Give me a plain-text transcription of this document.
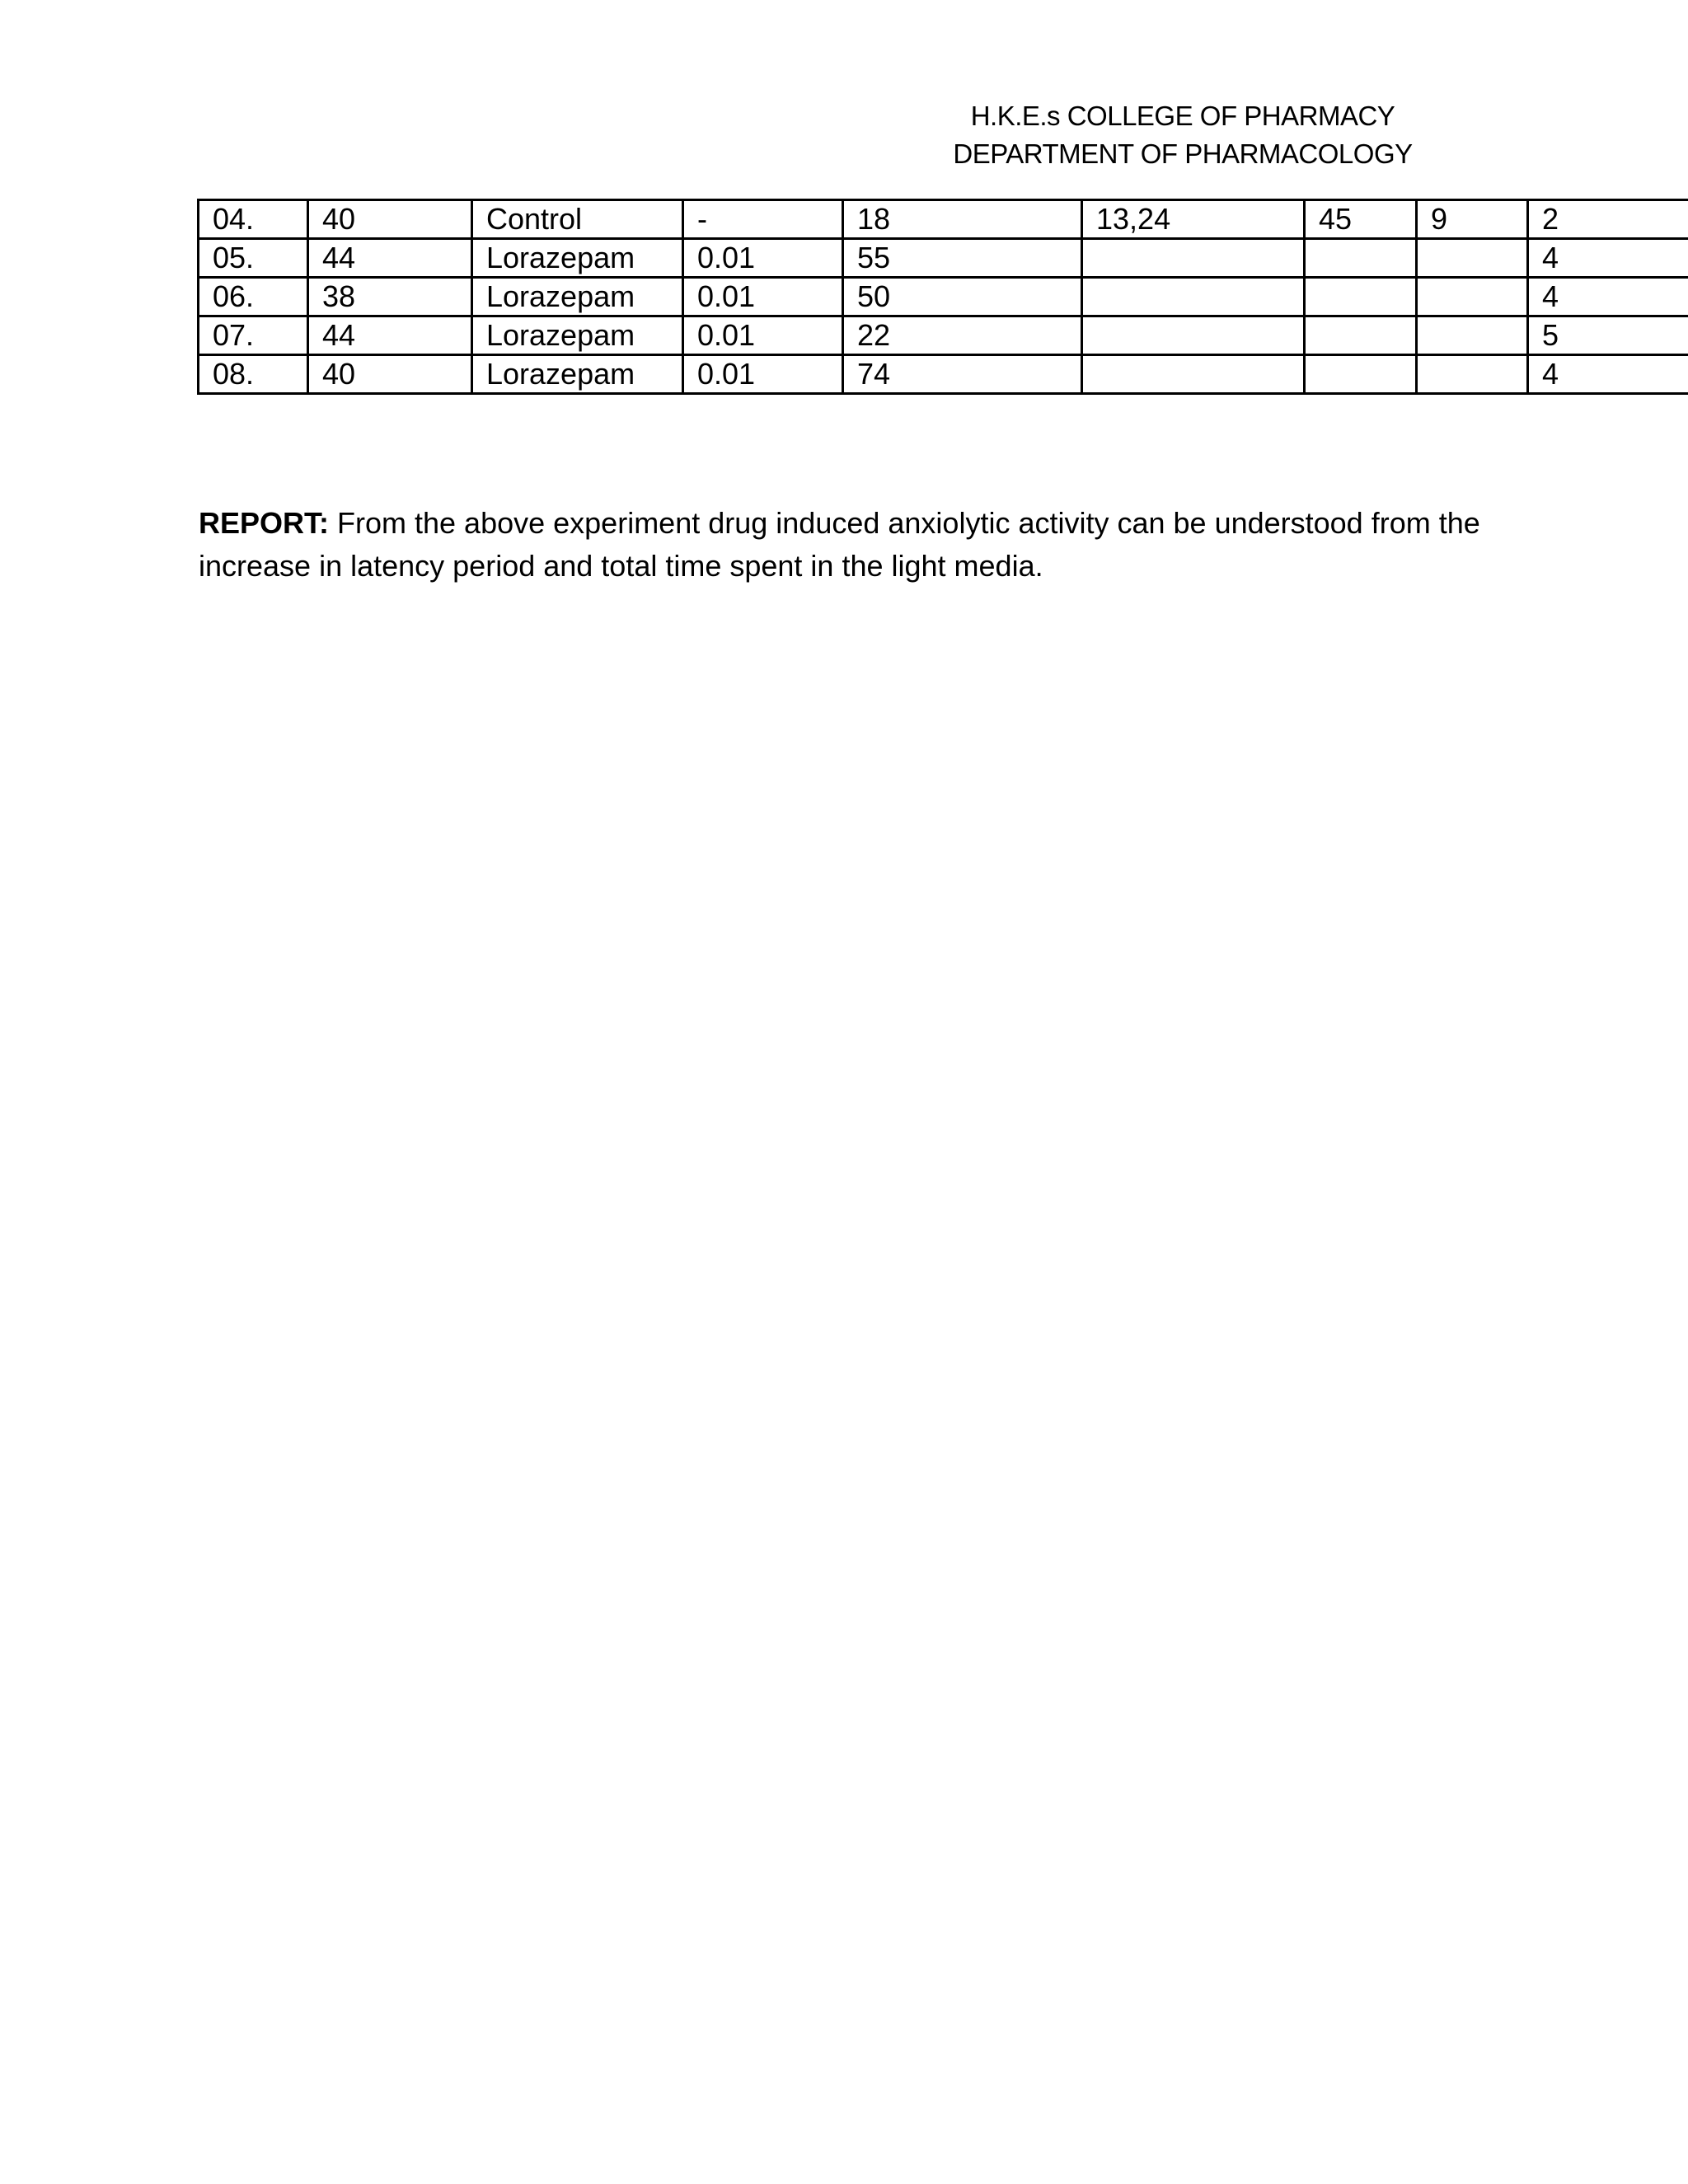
H.K.E.s COLLEGE OF PHARMACY
DEPARTMENT OF PHARMACOLOGY
04.	40	Control	-	18	13,24	45	9	2
05.	44	Lorazepam	0.01	55				4
06.	38	Lorazepam	0.01	50				4
07.	44	Lorazepam	0.01	22				5
08.	40	Lorazepam	0.01	74				4

REPORT: From the above experiment drug induced anxiolytic activity can be understood from the increase in latency period and total time spent in the light media.
